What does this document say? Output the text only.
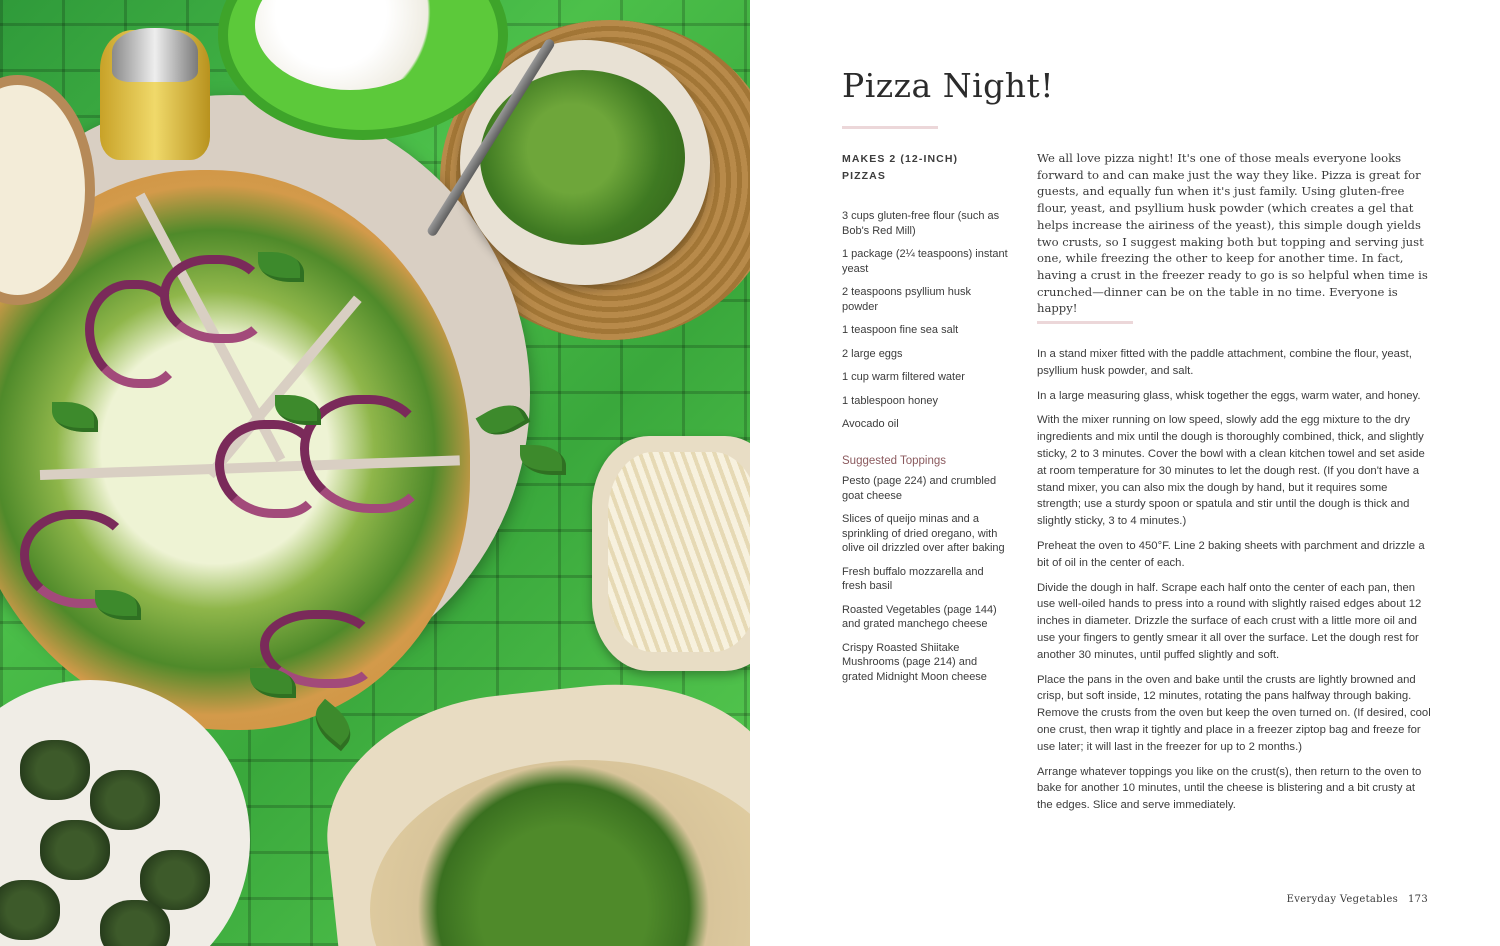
Pizza Night!

MAKES 2 (12-INCH) PIZZAS

3 cups gluten-free flour (such as Bob's Red Mill)
1 package (2¼ teaspoons) instant yeast
2 teaspoons psyllium husk powder
1 teaspoon fine sea salt
2 large eggs
1 cup warm filtered water
1 tablespoon honey
Avocado oil
Suggested Toppings
Pesto (page 224) and crumbled goat cheese
Slices of queijo minas and a sprinkling of dried oregano, with olive oil drizzled over after baking
Fresh buffalo mozzarella and fresh basil
Roasted Vegetables (page 144) and grated manchego cheese
Crispy Roasted Shiitake Mushrooms (page 214) and grated Midnight Moon cheese

We all love pizza night! It's one of those meals everyone looks forward to and can make just the way they like. Pizza is great for guests, and equally fun when it's just family. Using gluten-free flour, yeast, and psyllium husk powder (which creates a gel that helps increase the airiness of the yeast), this simple dough yields two crusts, so I suggest making both but topping and serving just one, while freezing the other to keep for another time. In fact, having a crust in the freezer ready to go is so helpful when time is crunched—dinner can be on the table in no time. Everyone is happy!

In a stand mixer fitted with the paddle attachment, combine the flour, yeast, psyllium husk powder, and salt.

In a large measuring glass, whisk together the eggs, warm water, and honey.

With the mixer running on low speed, slowly add the egg mixture to the dry ingredients and mix until the dough is thoroughly combined, thick, and slightly sticky, 2 to 3 minutes. Cover the bowl with a clean kitchen towel and set aside at room temperature for 30 minutes to let the dough rest. (If you don't have a stand mixer, you can also mix the dough by hand, but it requires some strength; use a sturdy spoon or spatula and stir until the dough is thick and slightly sticky, 3 to 4 minutes.)

Preheat the oven to 450°F. Line 2 baking sheets with parchment and drizzle a bit of oil in the center of each.

Divide the dough in half. Scrape each half onto the center of each pan, then use well-oiled hands to press into a round with slightly raised edges about 12 inches in diameter. Drizzle the surface of each crust with a little more oil and use your fingers to gently smear it all over the surface. Let the dough rest for another 30 minutes, until puffed slightly and soft.

Place the pans in the oven and bake until the crusts are lightly browned and crisp, but soft inside, 12 minutes, rotating the pans halfway through baking. Remove the crusts from the oven but keep the oven turned on. (If desired, cool one crust, then wrap it tightly and place in a freezer ziptop bag and freeze for use later; it will last in the freezer for up to 2 months.)

Arrange whatever toppings you like on the crust(s), then return to the oven to bake for another 10 minutes, until the cheese is blistering and a bit crusty at the edges. Slice and serve immediately.

Everyday Vegetables 173
